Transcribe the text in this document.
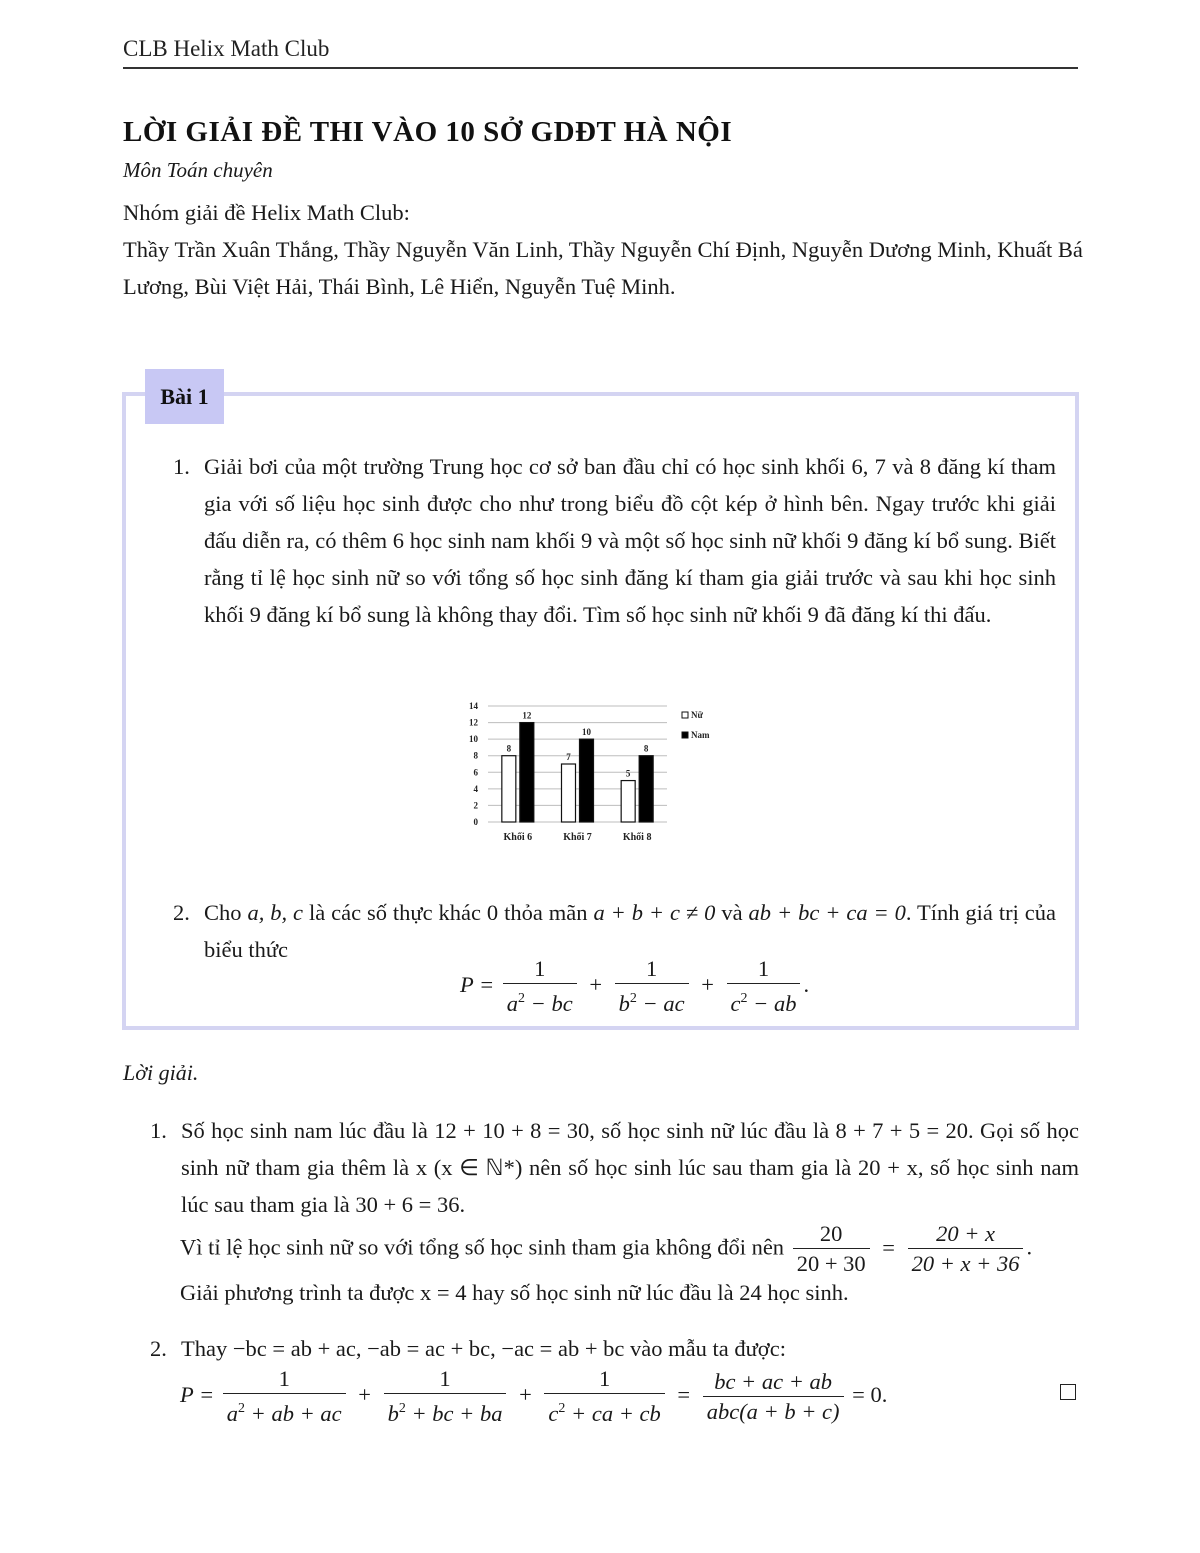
CLB Helix Math Club
LỜI GIẢI ĐỀ THI VÀO 10 SỞ GDĐT HÀ NỘI
Môn Toán chuyên
Nhóm giải đề Helix Math Club:
Thầy Trần Xuân Thắng, Thầy Nguyễn Văn Linh, Thầy Nguyễn Chí Định, Nguyễn Dương Minh, Khuất Bá Lương, Bùi Việt Hải, Thái Bình, Lê Hiển, Nguyễn Tuệ Minh.
Bài 1
1. Giải bơi của một trường Trung học cơ sở ban đầu chỉ có học sinh khối 6, 7 và 8 đăng kí tham gia với số liệu học sinh được cho như trong biểu đồ cột kép ở hình bên. Ngay trước khi giải đấu diễn ra, có thêm 6 học sinh nam khối 9 và một số học sinh nữ khối 9 đăng kí bổ sung. Biết rằng tỉ lệ học sinh nữ so với tổng số học sinh đăng kí tham gia giải trước và sau khi học sinh khối 9 đăng kí bổ sung là không thay đổi. Tìm số học sinh nữ khối 9 đã đăng kí thi đấu.
0
2
4
6
8
10
12
14
8
12
Khối 6
7
10
Khối 7
5
8
Khối 8
Nữ
Nam
2. Cho a, b, c là các số thực khác 0 thỏa mãn a + b + c ≠ 0 và ab + bc + ca = 0. Tính giá trị của biểu thức
$P = \frac{1}{a^2 - bc} + \frac{1}{b^2 - ac} + \frac{1}{c^2 - ab}$ .
Lời giải.
1. Số học sinh nam lúc đầu là 12 + 10 + 8 = 30, số học sinh nữ lúc đầu là 8 + 7 + 5 = 20. Gọi số học sinh nữ tham gia thêm là x (x ∈ ℕ*) nên số học sinh lúc sau tham gia là 20 + x, số học sinh nam lúc sau tham gia là 30 + 6 = 36.
Vì tỉ lệ học sinh nữ so với tổng số học sinh tham gia không đổi nên $\frac{20}{20 + 30} = \frac{20 + x}{20 + x + 36}$ .
Giải phương trình ta được x = 4 hay số học sinh nữ lúc đầu là 24 học sinh.
2. Thay −bc = ab + ac, −ab = ac + bc, −ac = ab + bc vào mẫu ta được:
$P = \frac{1}{a^2 + ab + ac} + \frac{1}{b^2 + bc + ba} + \frac{1}{c^2 + ca + cb} = \frac{bc + ac + ab}{\text{abc(a + b + c)}} = 0$.
